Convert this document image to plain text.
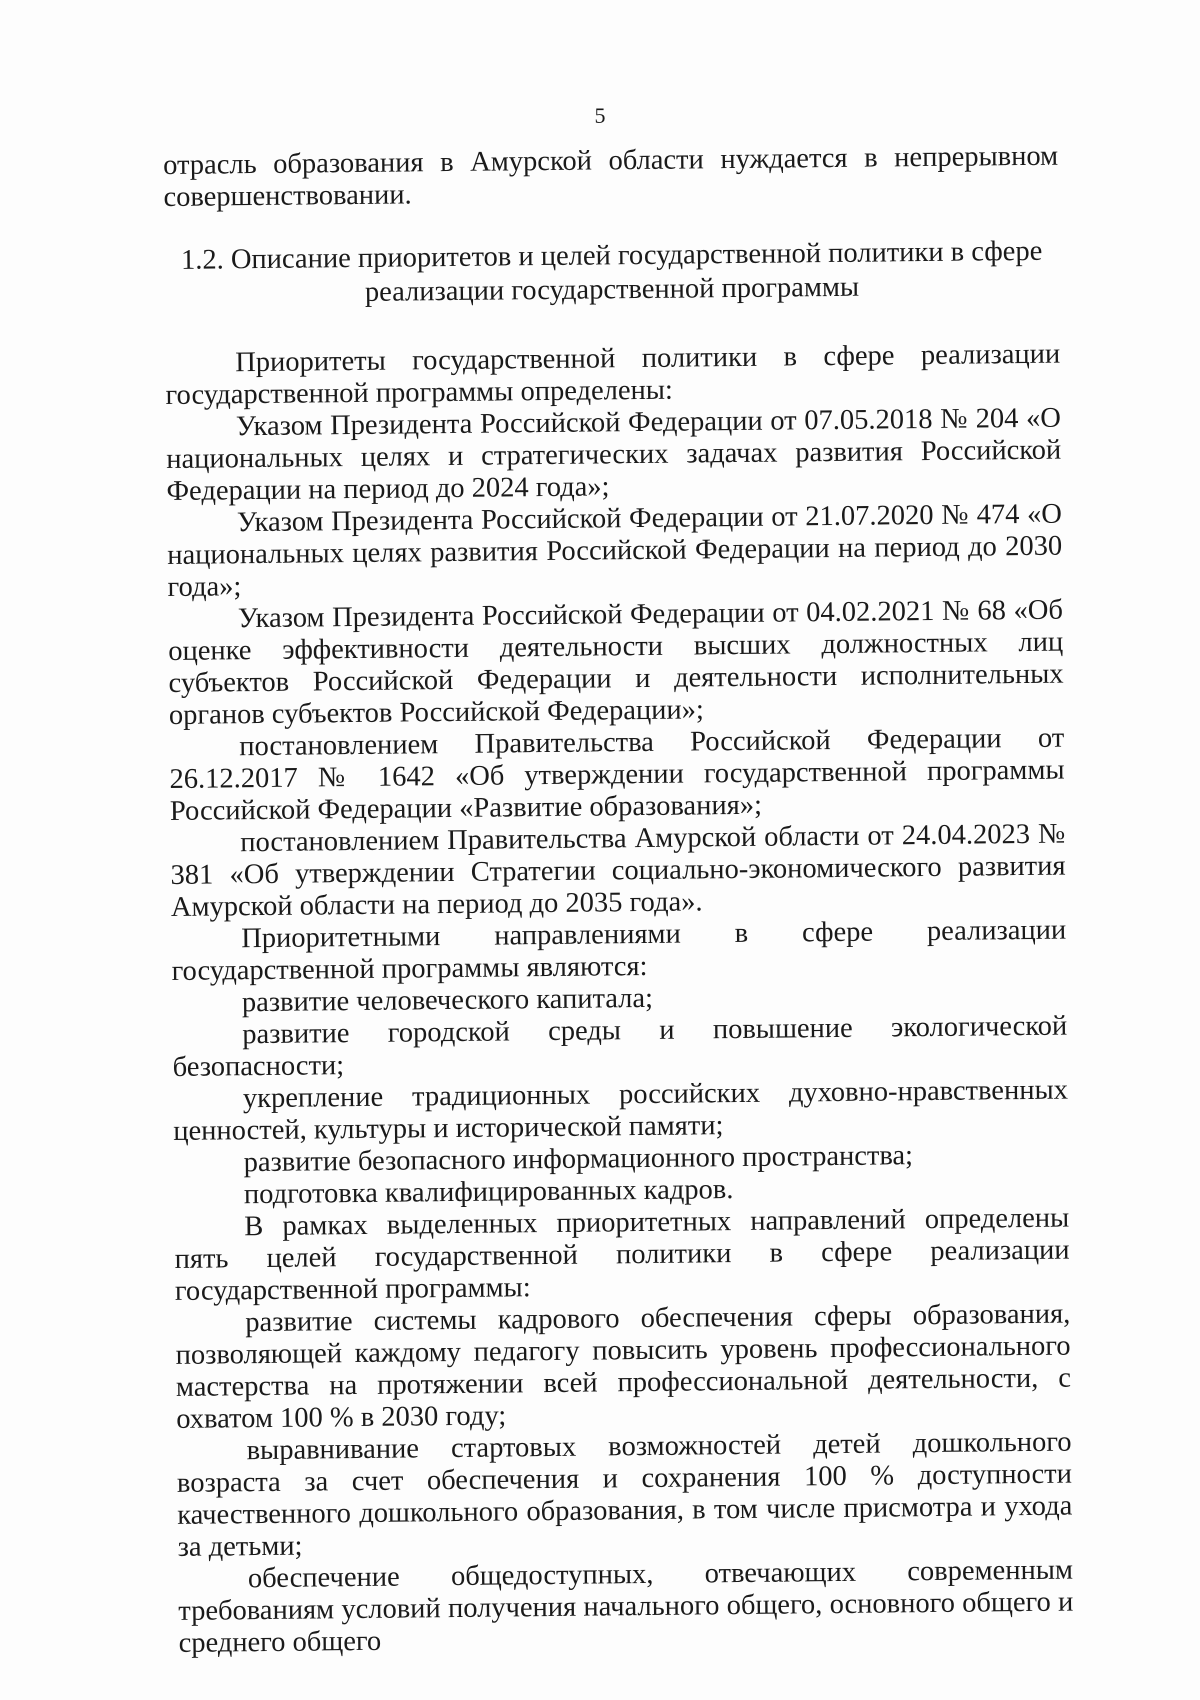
5

отрасль образования в Амурской области нуждается в непрерывном совершенствовании.

1.2. Описание приоритетов и целей государственной политики в сфере
реализации государственной программы

Приоритеты государственной политики в сфере реализации государственной программы определены:

Указом Президента Российской Федерации от 07.05.2018 № 204 «О национальных целях и стратегических задачах развития Российской Федерации на период до 2024 года»;

Указом Президента Российской Федерации от 21.07.2020 № 474 «О национальных целях развития Российской Федерации на период до 2030 года»;

Указом Президента Российской Федерации от 04.02.2021 № 68 «Об оценке эффективности деятельности высших должностных лиц субъектов Российской Федерации и деятельности исполнительных органов субъектов Российской Федерации»;

постановлением Правительства Российской Федерации от 26.12.2017 № 1642 «Об утверждении государственной программы Российской Федерации «Развитие образования»;

постановлением Правительства Амурской области от 24.04.2023 № 381 «Об утверждении Стратегии социально-экономического развития Амурской области на период до 2035 года».

Приоритетными направлениями в сфере реализации государственной программы являются:

развитие человеческого капитала;

развитие городской среды и повышение экологической безопасности;

укрепление традиционных российских духовно-нравственных ценностей, культуры и исторической памяти;

развитие безопасного информационного пространства;

подготовка квалифицированных кадров.

В рамках выделенных приоритетных направлений определены пять целей государственной политики в сфере реализации государственной программы:

развитие системы кадрового обеспечения сферы образования, позволяющей каждому педагогу повысить уровень профессионального мастерства на протяжении всей профессиональной деятельности, с охватом 100 % в 2030 году;

выравнивание стартовых возможностей детей дошкольного возраста за счет обеспечения и сохранения 100 % доступности качественного дошкольного образования, в том числе присмотра и ухода за детьми;

обеспечение общедоступных, отвечающих современным требованиям условий получения начального общего, основного общего и среднего общего
